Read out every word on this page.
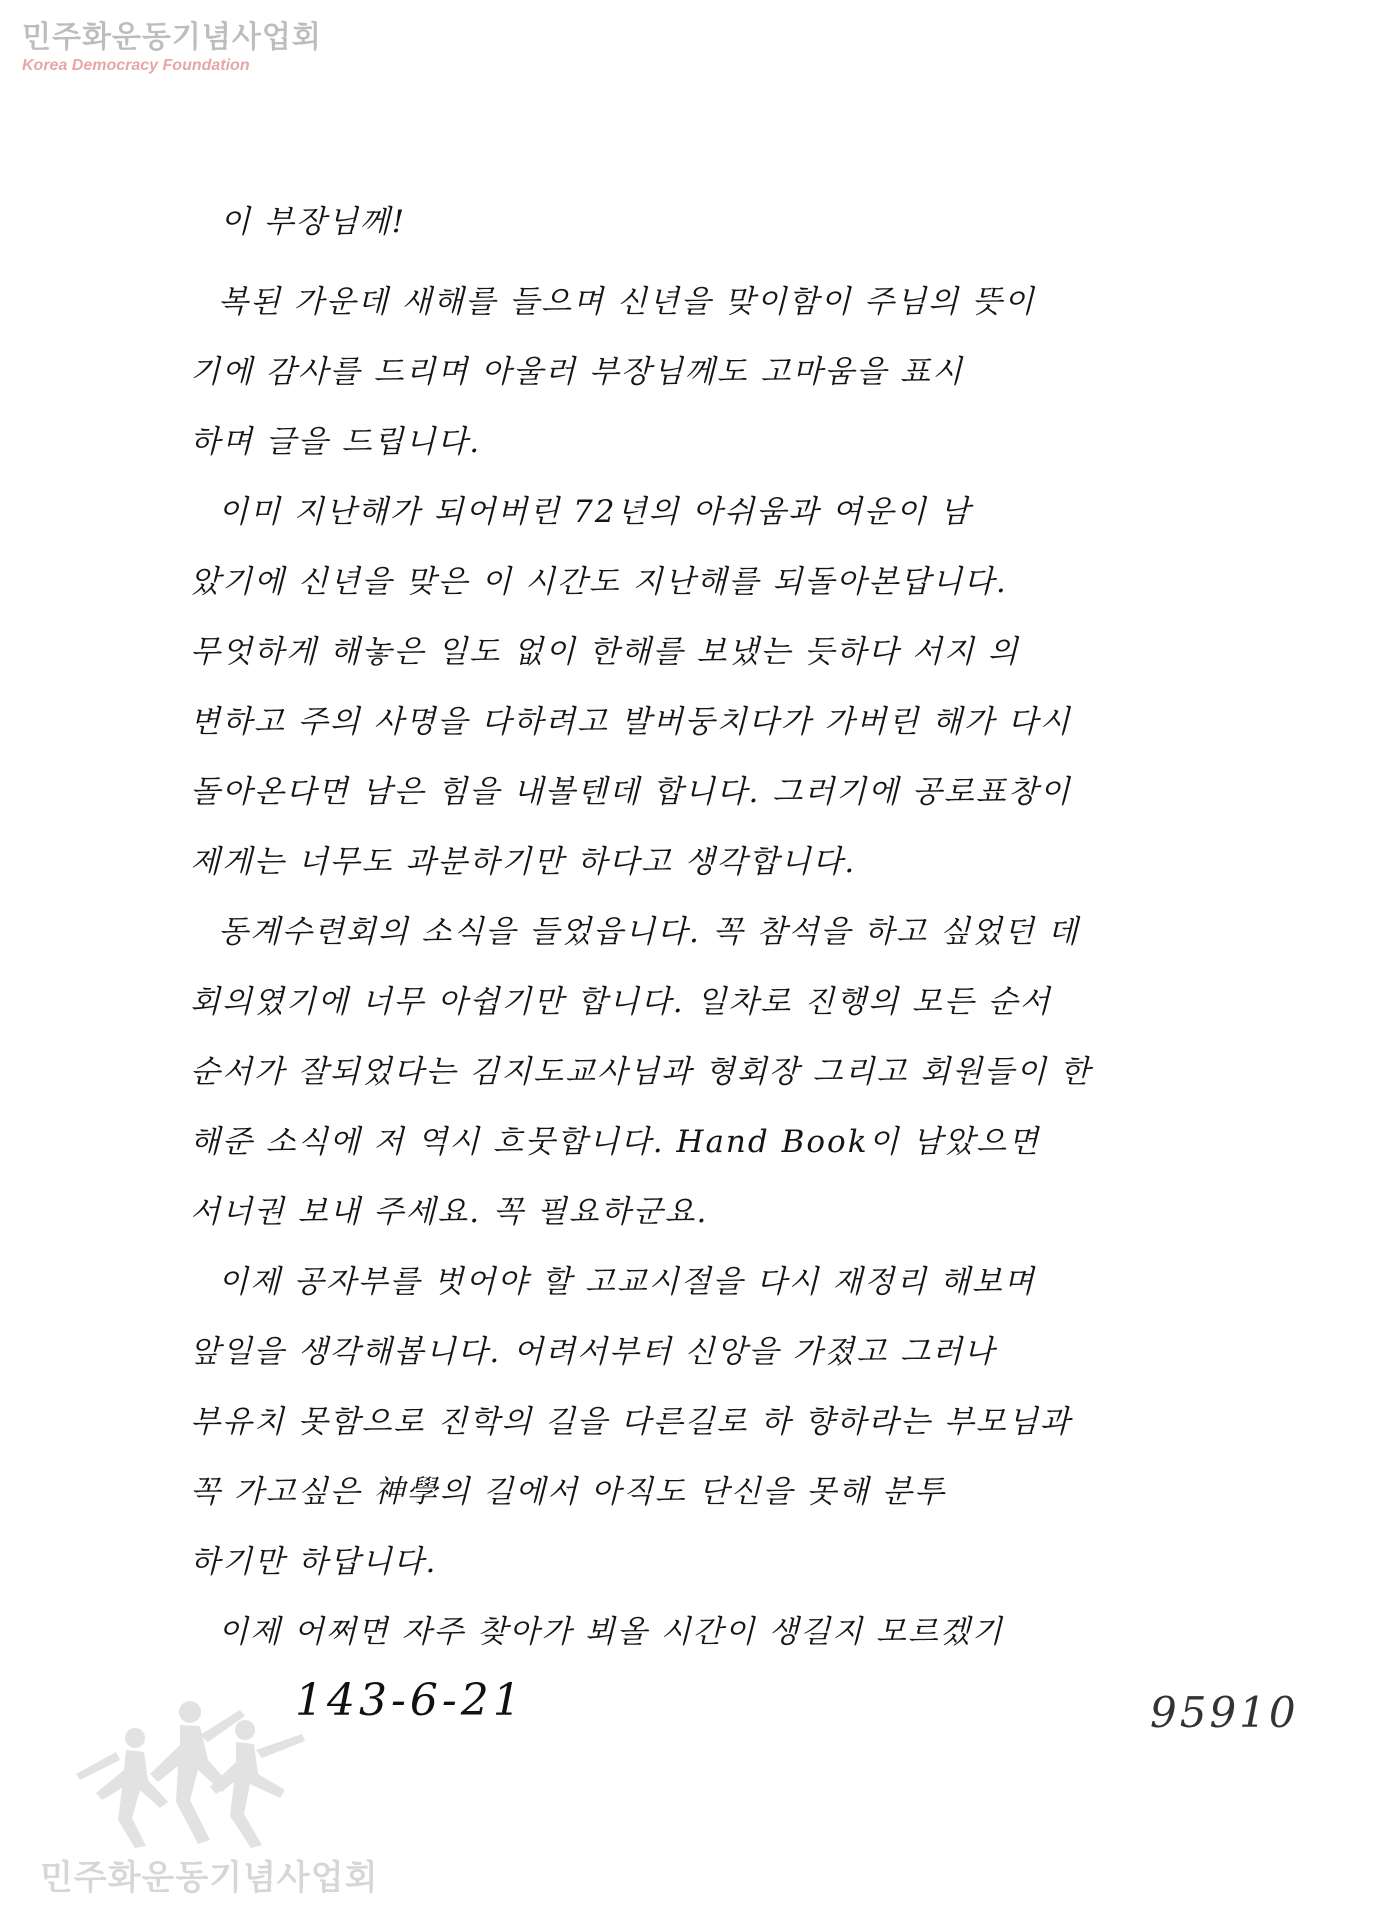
민주화운동기념사업회
Korea Democracy Foundation
이 부장님께!
복된 가운데 새해를 들으며 신년을 맞이함이 주님의 뜻이
기에 감사를 드리며 아울러 부장님께도 고마움을 표시
하며 글을 드립니다.
이미 지난해가 되어버린 72년의 아쉬움과 여운이 남
았기에 신년을 맞은 이 시간도 지난해를 되돌아본답니다.
무엇하게 해놓은 일도 없이 한해를 보냈는 듯하다 서지 의
변하고 주의 사명을 다하려고 발버둥치다가 가버린 해가 다시
돌아온다면 남은 힘을 내볼텐데 합니다. 그러기에 공로표창이
제게는 너무도 과분하기만 하다고 생각합니다.
동계수련회의 소식을 들었읍니다. 꼭 참석을 하고 싶었던 데
회의였기에 너무 아쉽기만 합니다. 일차로 진행의 모든 순서
순서가 잘되었다는 김지도교사님과 형회장 그리고 회원들이 한
해준 소식에 저 역시 흐뭇합니다. Hand Book이 남았으면
서너권 보내 주세요. 꼭 필요하군요.
이제 공자부를 벗어야 할 고교시절을 다시 재정리 해보며
앞일을 생각해봅니다. 어려서부터 신앙을 가졌고 그러나
부유치 못함으로 진학의 길을 다른길로 하 향하라는 부모님과
꼭 가고싶은 神學의 길에서 아직도 단신을 못해 분투
하기만 하답니다.
이제 어쩌면 자주 찾아가 뵈올 시간이 생길지 모르겠기
143-6-21	95910
민주화운동기념사업회
